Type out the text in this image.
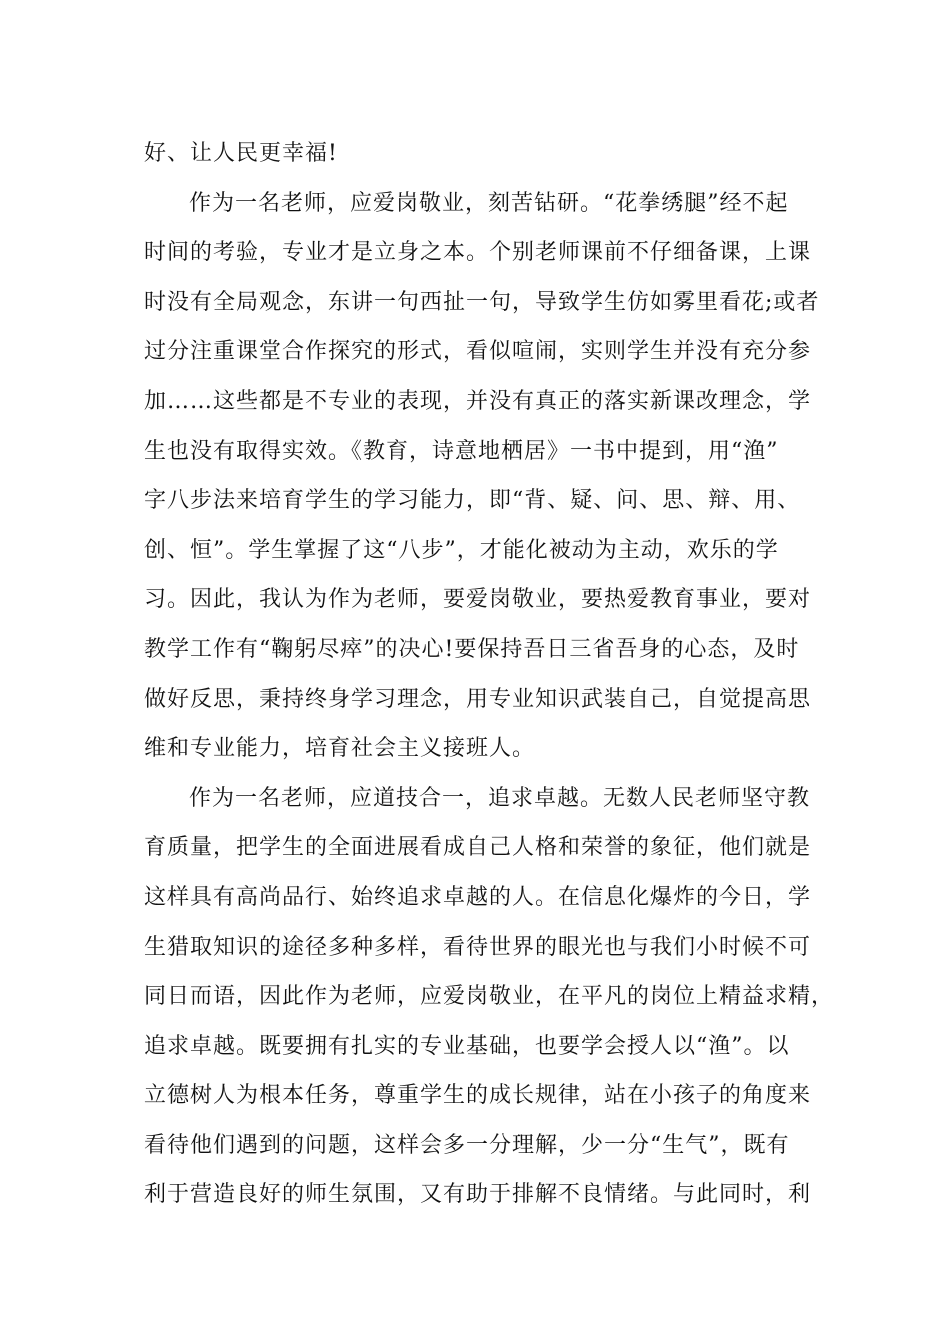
好、让人民更幸福!
作为一名老师，应爱岗敬业，刻苦钻研。“花拳绣腿”经不起
时间的考验，专业才是立身之本。个别老师课前不仔细备课，上课
时没有全局观念，东讲一句西扯一句，导致学生仿如雾里看花;或者
过分注重课堂合作探究的形式，看似喧闹，实则学生并没有充分参
加……这些都是不专业的表现，并没有真正的落实新课改理念，学
生也没有取得实效。《教育，诗意地栖居》一书中提到，用“渔”
字八步法来培育学生的学习能力，即“背、疑、问、思、辩、用、
创、恒”。学生掌握了这“八步”，才能化被动为主动，欢乐的学
习。因此，我认为作为老师，要爱岗敬业，要热爱教育事业，要对
教学工作有“鞠躬尽瘁”的决心!要保持吾日三省吾身的心态，及时
做好反思，秉持终身学习理念，用专业知识武装自己，自觉提高思
维和专业能力，培育社会主义接班人。
作为一名老师，应道技合一，追求卓越。无数人民老师坚守教
育质量，把学生的全面进展看成自己人格和荣誉的象征，他们就是
这样具有高尚品行、始终追求卓越的人。在信息化爆炸的今日，学
生猎取知识的途径多种多样，看待世界的眼光也与我们小时候不可
同日而语，因此作为老师，应爱岗敬业，在平凡的岗位上精益求精，
追求卓越。既要拥有扎实的专业基础，也要学会授人以“渔”。以
立德树人为根本任务，尊重学生的成长规律，站在小孩子的角度来
看待他们遇到的问题，这样会多一分理解，少一分“生气”，既有
利于营造良好的师生氛围，又有助于排解不良情绪。与此同时，利
